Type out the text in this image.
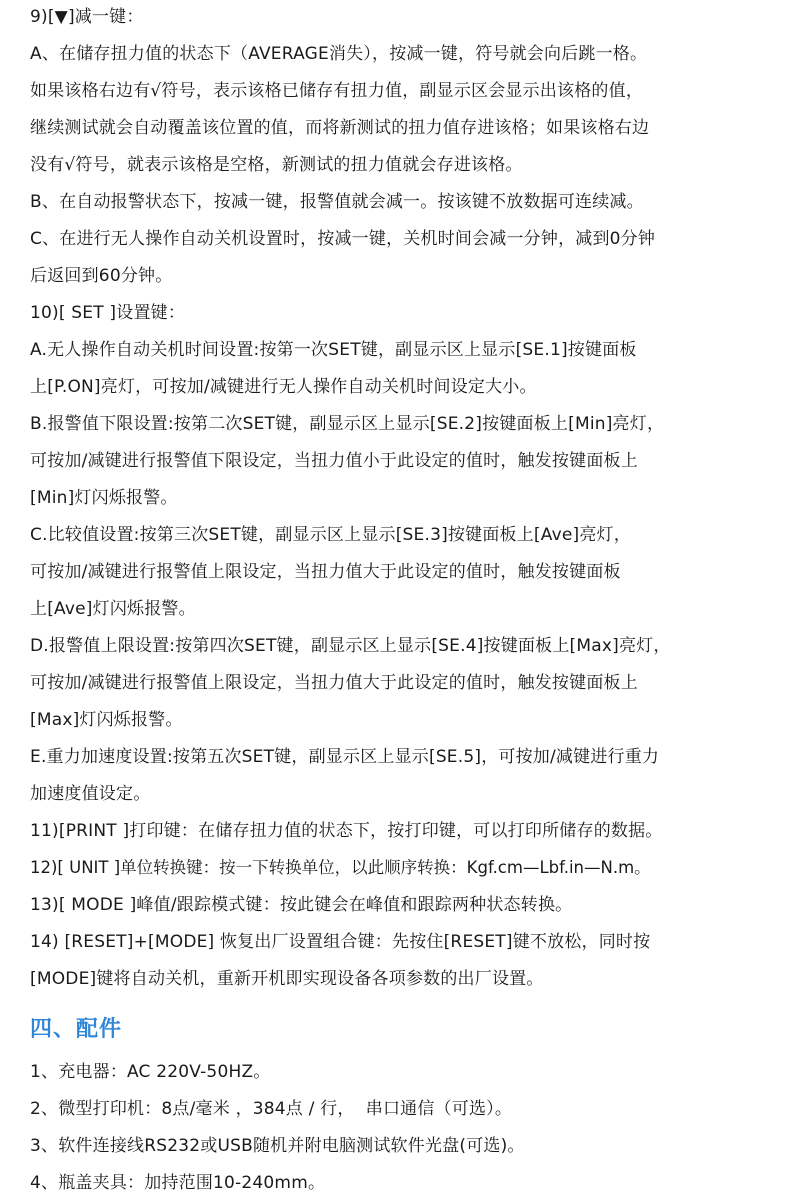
9)[▼]减一键：
A、在储存扭力值的状态下（AVERAGE消失），按减一键，符号就会向后跳一格。
如果该格右边有√符号，表示该格已储存有扭力值，副显示区会显示出该格的值，
继续测试就会自动覆盖该位置的值，而将新测试的扭力值存进该格；如果该格右边
没有√符号，就表示该格是空格，新测试的扭力值就会存进该格。
B、在自动报警状态下，按减一键，报警值就会减一。按该键不放数据可连续减。
C、在进行无人操作自动关机设置时，按减一键，关机时间会减一分钟，减到0分钟
后返回到60分钟。
10)[ SET ]设置键：
A.无人操作自动关机时间设置:按第一次SET键，副显示区上显示[SE.1]按键面板
上[P.ON]亮灯，可按加/减键进行无人操作自动关机时间设定大小。
B.报警值下限设置:按第二次SET键，副显示区上显示[SE.2]按键面板上[Min]亮灯，
可按加/减键进行报警值下限设定，当扭力值小于此设定的值时，触发按键面板上
[Min]灯闪烁报警。
C.比较值设置:按第三次SET键，副显示区上显示[SE.3]按键面板上[Ave]亮灯，
可按加/减键进行报警值上限设定，当扭力值大于此设定的值时，触发按键面板
上[Ave]灯闪烁报警。
D.报警值上限设置:按第四次SET键，副显示区上显示[SE.4]按键面板上[Max]亮灯，
可按加/减键进行报警值上限设定，当扭力值大于此设定的值时，触发按键面板上
[Max]灯闪烁报警。
E.重力加速度设置:按第五次SET键，副显示区上显示[SE.5]，可按加/减键进行重力
加速度值设定。
11)[PRINT ]打印键：在储存扭力值的状态下，按打印键，可以打印所储存的数据。
12)[ UNIT ]单位转换键：按一下转换单位，以此顺序转换：Kgf.cm—Lbf.in—N.m。
13)[ MODE ]峰值/跟踪模式键：按此键会在峰值和跟踪两种状态转换。
14) [RESET]+[MODE] 恢复出厂设置组合键：先按住[RESET]键不放松，同时按
[MODE]键将自动关机，重新开机即实现设备各项参数的出厂设置。
四、配件
1、充电器：AC 220V-50HZ。
2、微型打印机：8点/毫米 ，384点 / 行，  串口通信（可选）。
3、软件连接线RS232或USB随机并附电脑测试软件光盘(可选)。
4、瓶盖夹具：加持范围10-240mm。
